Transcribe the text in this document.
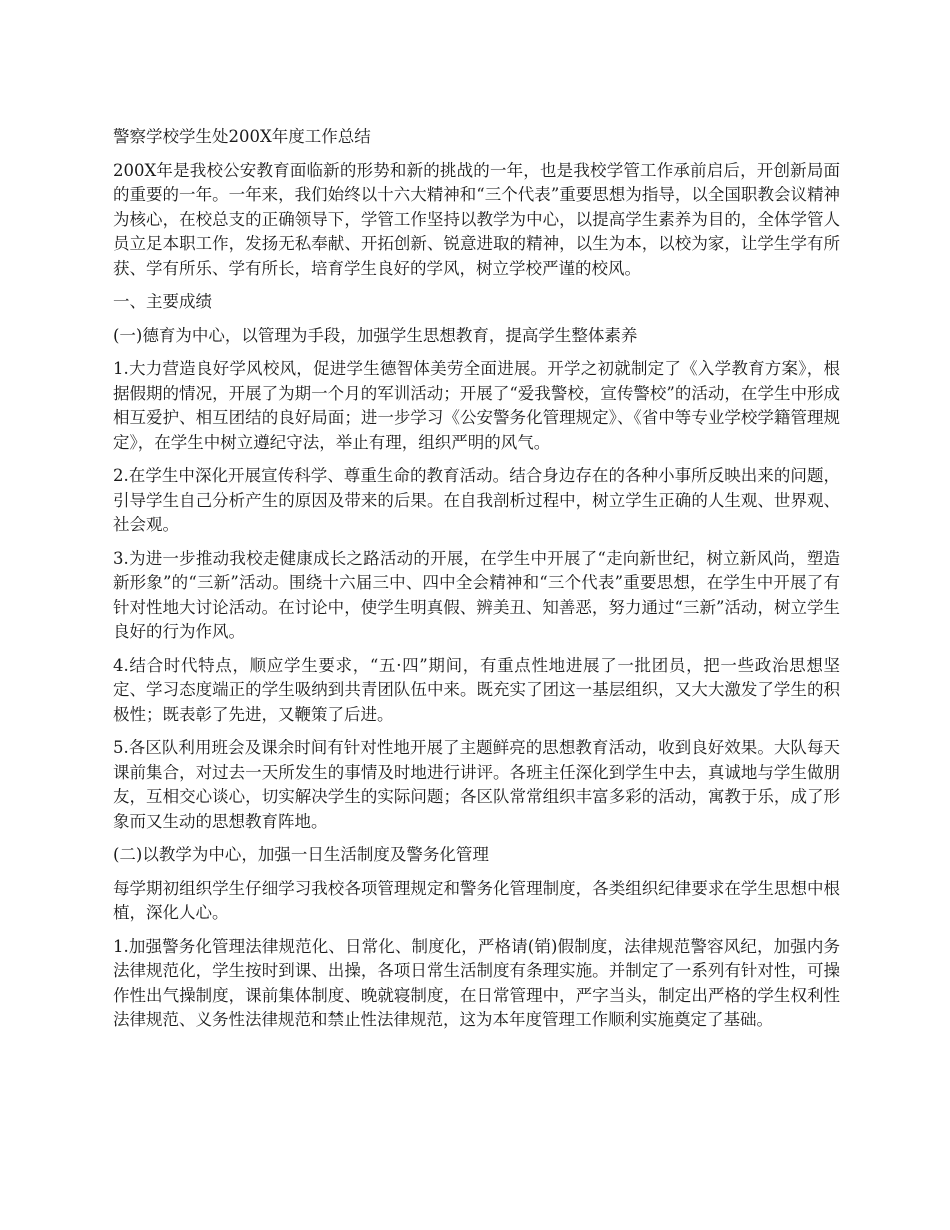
警察学校学生处200X年度工作总结

200X年是我校公安教育面临新的形势和新的挑战的一年，也是我校学管工作承前启后，开创新局面的重要的一年。一年来，我们始终以十六大精神和“三个代表”重要思想为指导，以全国职教会议精神为核心，在校总支的正确领导下，学管工作坚持以教学为中心，以提高学生素养为目的，全体学管人员立足本职工作，发扬无私奉献、开拓创新、锐意进取的精神，以生为本，以校为家，让学生学有所获、学有所乐、学有所长，培育学生良好的学风，树立学校严谨的校风。

一、主要成绩

(一)德育为中心，以管理为手段，加强学生思想教育，提高学生整体素养

1.大力营造良好学风校风，促进学生德智体美劳全面进展。开学之初就制定了《入学教育方案》，根据假期的情况，开展了为期一个月的军训活动；开展了“爱我警校，宣传警校”的活动，在学生中形成相互爱护、相互团结的良好局面；进一步学习《公安警务化管理规定》、《省中等专业学校学籍管理规定》，在学生中树立遵纪守法，举止有理，组织严明的风气。

2.在学生中深化开展宣传科学、尊重生命的教育活动。结合身边存在的各种小事所反映出来的问题，引导学生自己分析产生的原因及带来的后果。在自我剖析过程中，树立学生正确的人生观、世界观、社会观。

3.为进一步推动我校走健康成长之路活动的开展，在学生中开展了“走向新世纪，树立新风尚，塑造新形象”的“三新”活动。围绕十六届三中、四中全会精神和“三个代表”重要思想，在学生中开展了有针对性地大讨论活动。在讨论中，使学生明真假、辨美丑、知善恶，努力通过“三新”活动，树立学生良好的行为作风。

4.结合时代特点，顺应学生要求，“五·四”期间，有重点性地进展了一批团员，把一些政治思想坚定、学习态度端正的学生吸纳到共青团队伍中来。既充实了团这一基层组织，又大大激发了学生的积极性；既表彰了先进，又鞭策了后进。

5.各区队利用班会及课余时间有针对性地开展了主题鲜亮的思想教育活动，收到良好效果。大队每天课前集合，对过去一天所发生的事情及时地进行讲评。各班主任深化到学生中去，真诚地与学生做朋友，互相交心谈心，切实解决学生的实际问题；各区队常常组织丰富多彩的活动，寓教于乐，成了形象而又生动的思想教育阵地。

(二)以教学为中心，加强一日生活制度及警务化管理

每学期初组织学生仔细学习我校各项管理规定和警务化管理制度，各类组织纪律要求在学生思想中根植，深化人心。

1.加强警务化管理法律规范化、日常化、制度化，严格请(销)假制度，法律规范警容风纪，加强内务法律规范化，学生按时到课、出操，各项日常生活制度有条理实施。并制定了一系列有针对性，可操作性出气操制度，课前集体制度、晚就寝制度，在日常管理中，严字当头，制定出严格的学生权利性法律规范、义务性法律规范和禁止性法律规范，这为本年度管理工作顺利实施奠定了基础。
